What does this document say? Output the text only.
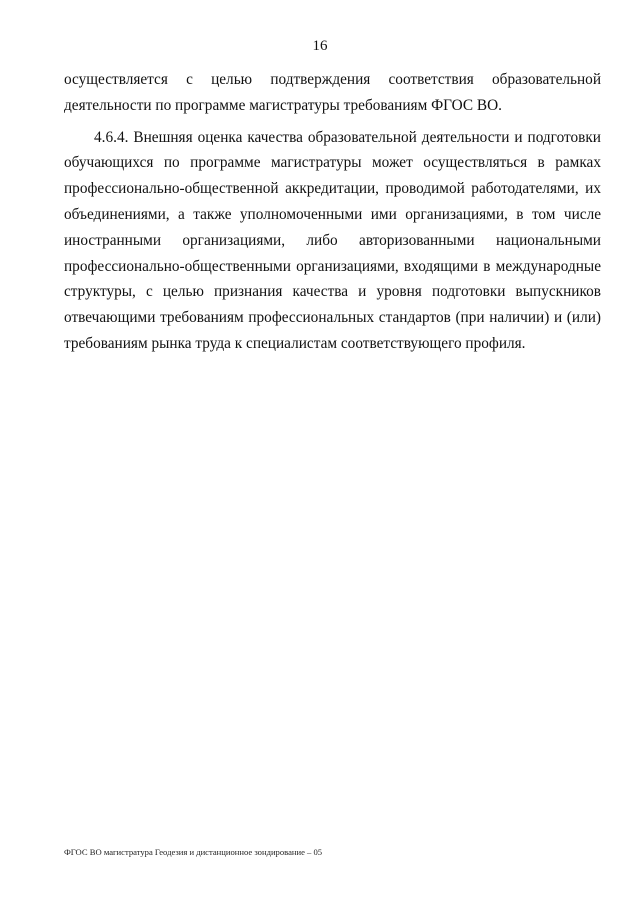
16

осуществляется с целью подтверждения соответствия образовательной деятельности по программе магистратуры требованиям ФГОС ВО.

4.6.4. Внешняя оценка качества образовательной деятельности и подготовки обучающихся по программе магистратуры может осуществляться в рамках профессионально-общественной аккредитации, проводимой работодателями, их объединениями, а также уполномоченными ими организациями, в том числе иностранными организациями, либо авторизованными национальными профессионально-общественными организациями, входящими в международные структуры, с целью признания качества и уровня подготовки выпускников отвечающими требованиям профессиональных стандартов (при наличии) и (или) требованиям рынка труда к специалистам соответствующего профиля.

ФГОС ВО магистратура Геодезия и дистанционное зондирование – 05
